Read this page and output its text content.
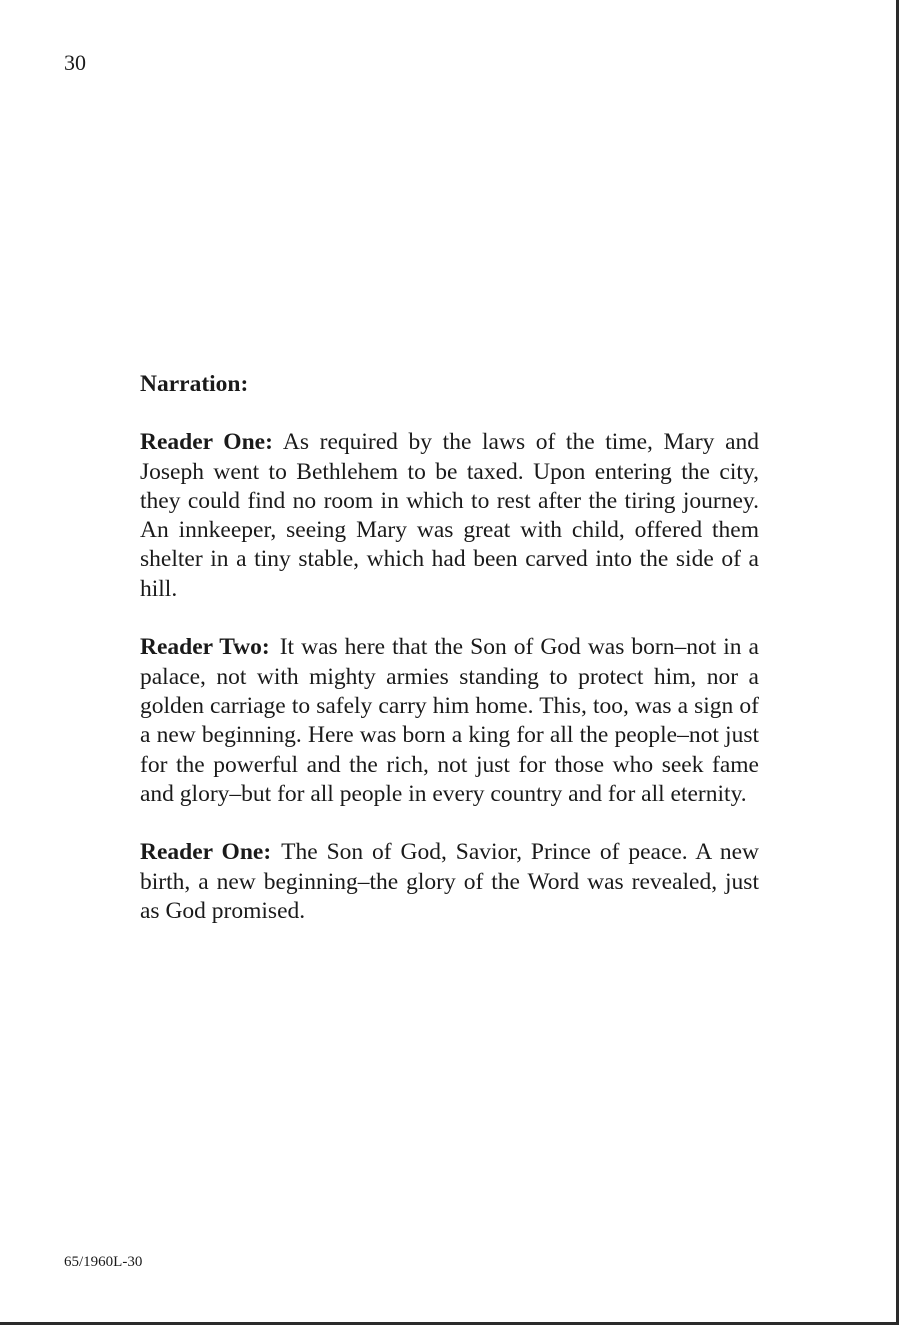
30
Narration:

Reader One: As required by the laws of the time, Mary and Joseph went to Bethlehem to be taxed. Upon entering the city, they could find no room in which to rest after the tiring journey. An innkeeper, seeing Mary was great with child, offered them shelter in a tiny stable, which had been carved into the side of a hill.

Reader Two: It was here that the Son of God was born–not in a palace, not with mighty armies standing to protect him, nor a golden carriage to safely carry him home. This, too, was a sign of a new beginning. Here was born a king for all the people–not just for the powerful and the rich, not just for those who seek fame and glory–but for all people in every country and for all eternity.

Reader One: The Son of God, Savior, Prince of peace. A new birth, a new beginning–the glory of the Word was revealed, just as God promised.

65/1960L-30
